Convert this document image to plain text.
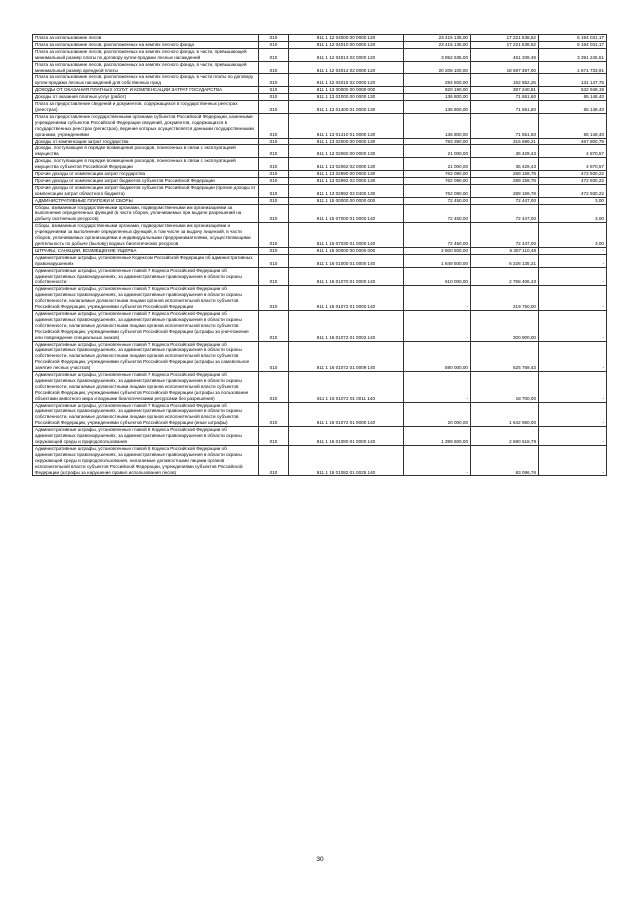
Плата за использование лесов	010	811 1 12 04000 00 0000 120	23 415 135,00	17 221 538,52	6 194 031,17
Плата за использование лесов, расположенных на землях лесного фонда	010	811 1 12 04010 00 0000 120	23 415 135,00	17 221 538,52	6 194 031,17
Плата за использование лесов, расположенных на землях лесного фонда, в части, превышающей минимальный размер платы по договору купли-продажи лесных насаждений	010	811 1 12 04013 02 0000 120	3 852 635,00	461 339,49	3 391 245,51
Плата за использование лесов, расположенных на землях лесного фонда, в части, превышающей минимальный размер арендной платы	010	811 1 12 04014 02 0000 120	20 208 100,00	18 597 397,00	1 671 733,91
Плата за использование лесов, расположенных на землях лесного фонда, в части платы по договору купли-продажи лесных насаждений для собственных нужд	010	811 1 12 04015 02 0000 120	294 500,00	162 852,25	131 147,75
ДОХОДЫ ОТ ОКАЗАНИЯ ПЛАТНЫХ УСЛУГ И КОМПЕНСАЦИИ ЗАТРАТ ГОСУДАРСТВА	010	811 1 13 00000 00 0000 000	920 190,00	387 240,81	532 949,19
Доходы от оказания платных услуг (работ)	010	811 1 13 01000 00 0000 130	136 800,00	71 651,60	65 148,40
Плата за предоставление сведений и документов, содержащихся в государственных реестрах (реестрах)	010	811 1 13 01400 01 0000 130	136 800,00	71 651,60	65 148,40
Плата за предоставление государственными органами субъектов Российской Федерации, казенными учреждениями субъектов Российской Федерации сведений, документов, содержащихся в государственных реестрах (регистрах), ведение которых осуществляется данными государственными органами, учреждениями	010	811 1 13 01410 01 0000 130	136 800,00	71 651,60	65 148,40
Доходы от компенсации затрат государства	010	811 1 13 02000 00 0000 130	783 390,00	315 589,21	467 800,79
Доходы, поступающие в порядке возмещения расходов, понесенных в связи с эксплуатацией имущества	010	811 1 13 02060 00 0000 130	21 000,00	36 429,43	4 870,57
Доходы, поступающие в порядке возмещения расходов, понесенных в связи с эксплуатацией имущества субъектов Российской Федерации	010	811 1 13 02062 02 0000 130	21 000,00	36 429,43	4 870,57
Прочие доходы от компенсации затрат государства	010	811 1 13 02990 00 0000 130	762 090,00	289 159,78	472 930,22
Прочие доходы от компенсации затрат бюджетов субъектов Российской Федерации	010	811 1 13 02992 02 0000 130	762 090,00	289 159,78	472 930,22
Прочие доходы от компенсации затрат бюджетов субъектов Российской Федерации (прочие доходы от компенсации затрат областного бюджета)	010	811 1 13 02992 02 0400 130	762 090,00	289 159,78	472 930,22
АДМИНИСТРАТИВНЫЕ ПЛАТЕЖИ И СБОРЫ	010	811 1 15 00000 00 0000 000	72 450,00	72 447,00	3,00
Сборы, взимаемые государственными органами, подведомственными им организациями за выполнение определенных функций (в части сборов, уплачиваемых при выдаче разрешений на добычу охотничьих ресурсов)	010	811 1 15 07000 01 0000 140	72 450,00	72 447,00	3,00
Сборы, взимаемые государственными органами, подведомственными им организациями и учреждениями за выполнение определенных функций, в том числе за выдачу лицензий, в части сборов, уплачиваемых организациями и индивидуальными предпринимателями, осуществляющими деятельность по добыче (вылову) водных биологических ресурсов	010	811 1 15 07030 01 0000 140	72 450,00	72 447,00	3,00
ШТРАФЫ, САНКЦИИ, ВОЗМЕЩЕНИЕ УЩЕРБА	010	811 1 16 00000 00 0000 000	2 800 500,00	6 307 110,48	-
Административные штрафы, установленные Кодексом Российской Федерации об административных правонарушениях	010	811 1 16 01000 01 0000 140	1 849 500,00	6 228 135,31	-
Административные штрафы, установленные главой 7 Кодекса Российской Федерации об административных правонарушениях, за административные правонарушения в области охраны собственности	010	811 1 16 01070 01 0000 140	610 000,00	2 758 406,43	-
Административные штрафы, установленные главой 7 Кодекса Российской Федерации об административных правонарушениях, за административные правонарушения в области охраны собственности, налагаемые должностными лицами органов исполнительной власти субъектов Российской Федерации, учреждениями субъектов Российской Федерации	010	811 1 16 01072 01 0000 140	-	219 750,00	-
Административные штрафы, установленные главой 7 Кодекса Российской Федерации об административных правонарушениях, за административные правонарушения в области охраны собственности, налагаемые должностными лицами органов исполнительной власти субъектов Российской Федерации, учреждениями субъектов Российской Федерации (штрафы за уничтожение или повреждение специальных знаков)	010	811 1 16 01072 01 0002 140	-	300 900,00	-
Административные штрафы, установленные главой 7 Кодекса Российской Федерации об административных правонарушениях, за административные правонарушения в области охраны собственности, налагаемые должностными лицами органов исполнительной власти субъектов Российской Федерации, учреждениями субъектов Российской Федерации (штрафы за самовольное занятие лесных участков)	010	811 1 16 01072 01 0009 140	590 000,00	625 769,43	-
Административные штрафы, установленные главой 7 Кодекса Российской Федерации об административных правонарушениях, за административные правонарушения в области охраны собственности, налагаемые должностными лицами органов исполнительной власти субъектов Российской Федерации, учреждениями субъектов Российской Федерации (штрафы за пользование объектами животного мира и водными биологическими ресурсами без разрешения)	010	811 1 16 01072 01 0011 140	-	18 700,00	-
Административные штрафы, установленные главой 7 Кодекса Российской Федерации об административных правонарушениях, за административные правонарушения в области охраны собственности, налагаемые должностными лицами органов исполнительной власти субъектов Российской Федерации, учреждениями субъектов Российской Федерации (иные штрафы)	010	811 1 16 01072 01 9000 140	20 000,00	1 642 960,00	-
Административные штрафы, установленные главой 8 Кодекса Российской Федерации об административных правонарушениях, за административные правонарушения в области охраны окружающей среды и природопользования	010	811 1 16 01080 01 0000 140	1 399 500,00	2 690 518,78	-
Административные штрафы, установленные главой 8 Кодекса Российской Федерации об административных правонарушениях, за административные правонарушения в области охраны окружающей среды и природопользования, налагаемые должностными лицами органов исполнительной власти субъектов Российской Федерации, учреждениями субъектов Российской Федерации (штрафы за нарушение правил использования лесов)	010	811 1 16 01082 01 0025 140	-	83 096,76	-
30
